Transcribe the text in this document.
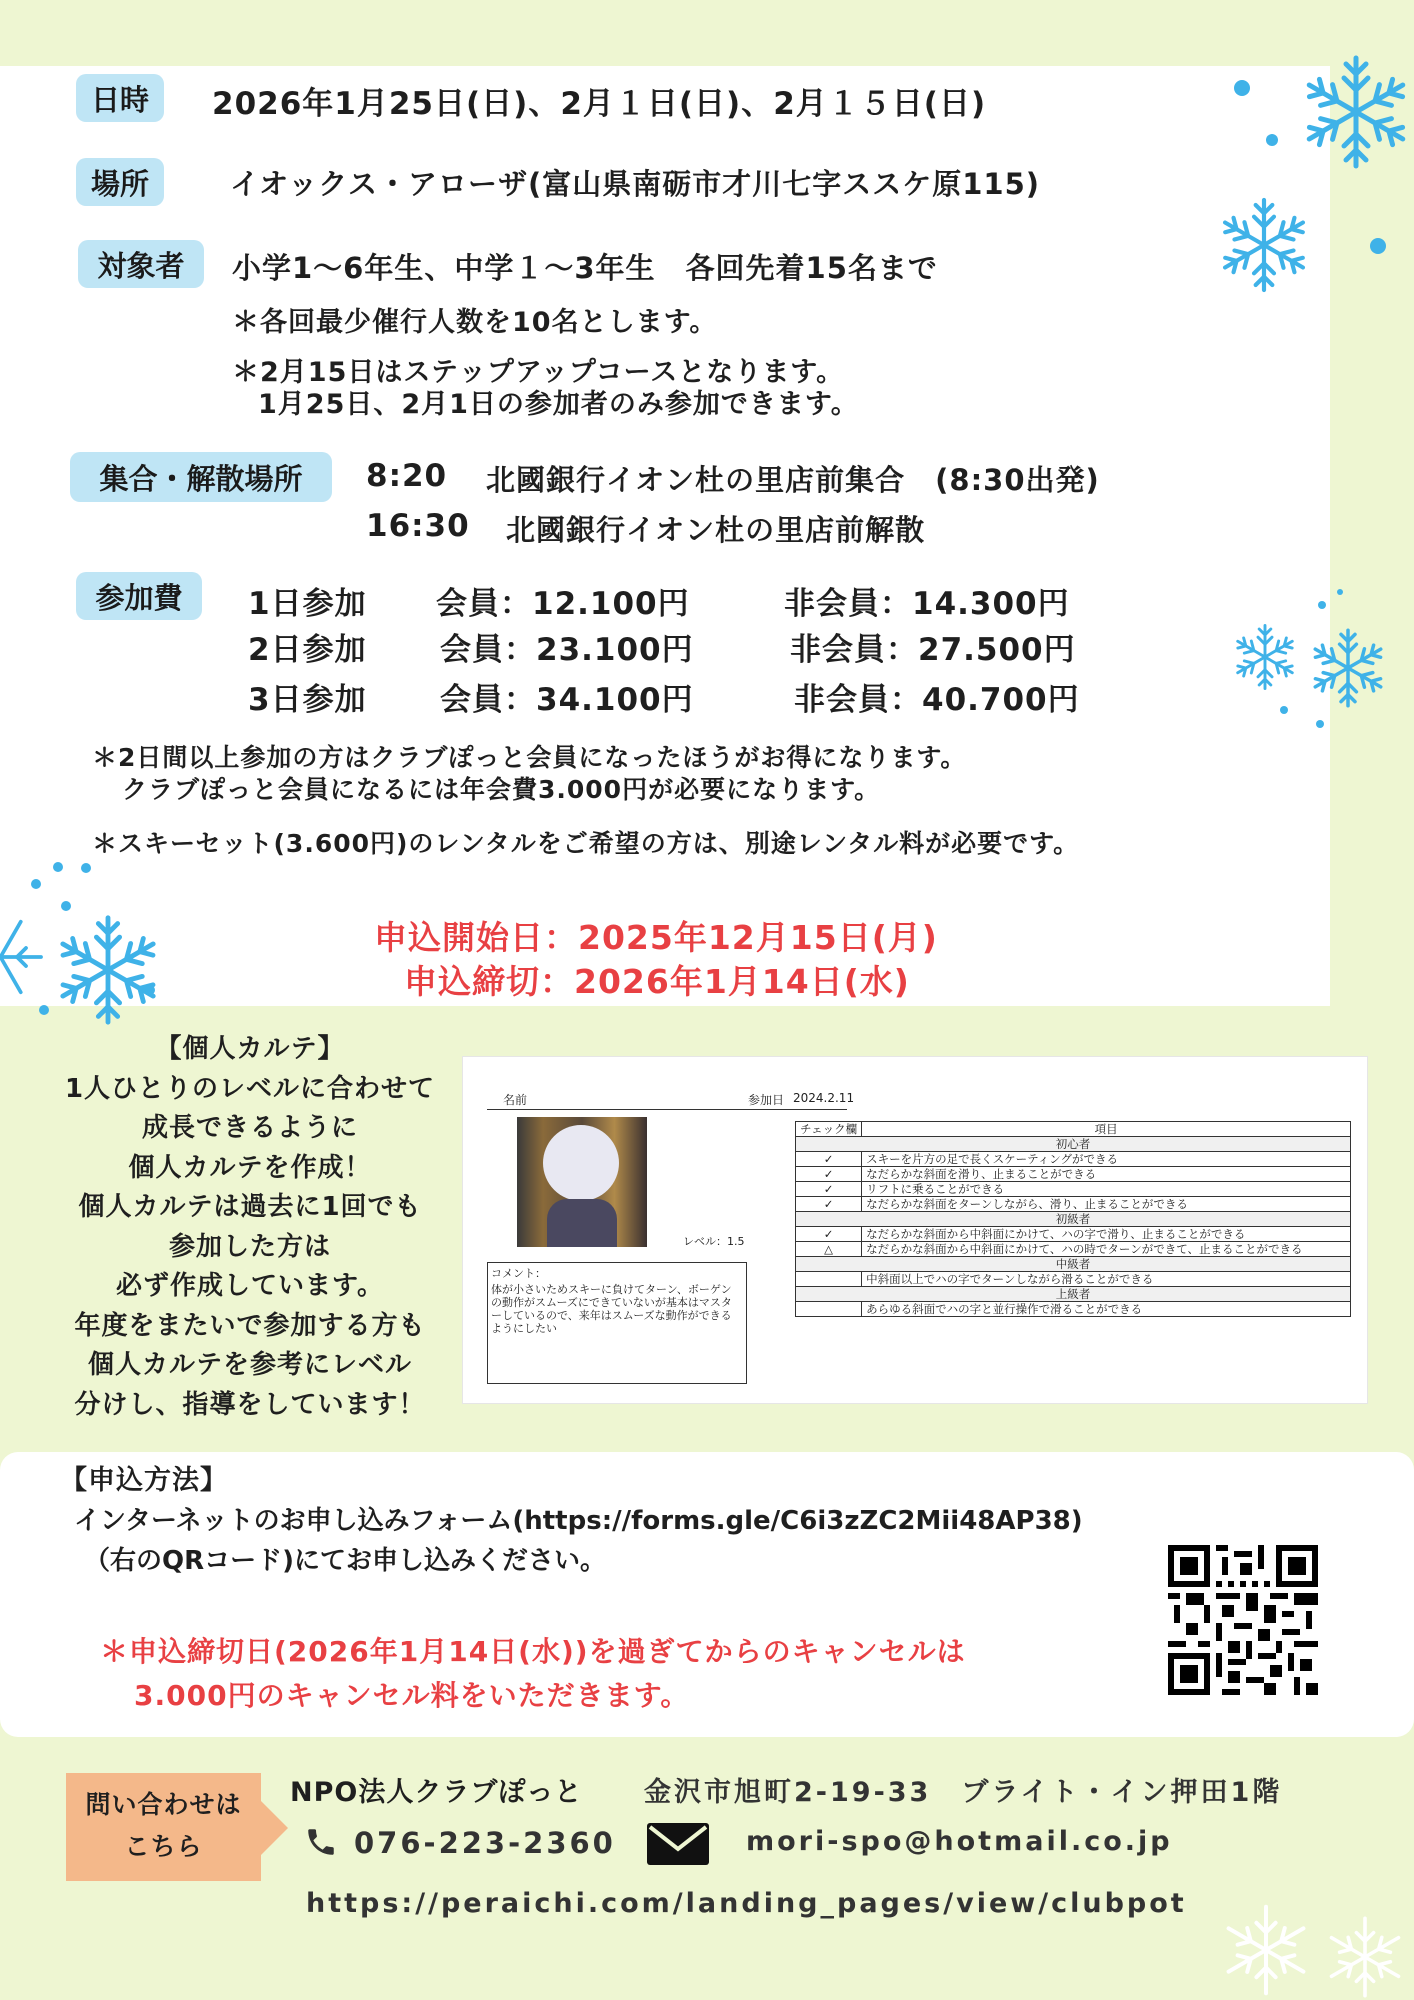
日時	2026年1月25日(日)、2月１日(日)、2月１５日(日)
場所	イオックス・アローザ(富山県南砺市才川七字ススケ原115)
対象者	小学1～6年生、中学１～3年生　各回先着15名まで
＊各回最少催行人数を10名とします。
＊2月15日はステップアップコースとなります。
1月25日、2月1日の参加者のみ参加できます。
集合・解散場所	8:20 北國銀行イオン杜の里店前集合　(8:30出発)
16:30 北國銀行イオン杜の里店前解散
参加費	1日参加 会員：12.100円	非会員：14.300円
2日参加 会員：23.100円	非会員：27.500円
3日参加 会員：34.100円	非会員：40.700円
＊2日間以上参加の方はクラブぽっと会員になったほうがお得になります。
クラブぽっと会員になるには年会費3.000円が必要になります。
＊スキーセット(3.600円)のレンタルをご希望の方は、別途レンタル料が必要です。
申込開始日：2025年12月15日(月)
申込締切：2026年1月14日(水)
【個人カルテ】
1人ひとりのレベルに合わせて
成長できるように
個人カルテを作成！
個人カルテは過去に1回でも
参加した方は
必ず作成しています。
年度をまたいで参加する方も
個人カルテを参考にレベル
分けし、指導をしています！
名前	参加日 2024.2.11
レベル：1.5
コメント：
体が小さいためスキーに負けてターン、ボーゲンの動作がスムーズにできていないが基本はマスターしているので、来年はスムーズな動作ができるようにしたい
チェック欄	項目
初心者	
✓	スキーを片方の足で長くスケーティングができる
✓	なだらかな斜面を滑り、止まることができる
✓	リフトに乗ることができる
✓	なだらかな斜面をターンしながら、滑り、止まることができる
初級者	
✓	なだらかな斜面から中斜面にかけて、ハの字で滑り、止まることができる
△	なだらかな斜面から中斜面にかけて、ハの時でターンができて、止まることができる
中級者	
	中斜面以上でハの字でターンしながら滑ることができる
上級者	
	あらゆる斜面でハの字と並行操作で滑ることができる
【申込方法】
インターネットのお申し込みフォーム(https://forms.gle/C6i3zZC2Mii48AP38)
（右のQRコード)にてお申し込みください。
＊申込締切日(2026年1月14日(水))を過ぎてからのキャンセルは
3.000円のキャンセル料をいただきます。
問い合わせは
こちら
NPO法人クラブぽっと 金沢市旭町2-19-33　ブライト・イン押田1階
076-223-2360	mori-spo@hotmail.co.jp
https://peraichi.com/landing_pages/view/clubpot
